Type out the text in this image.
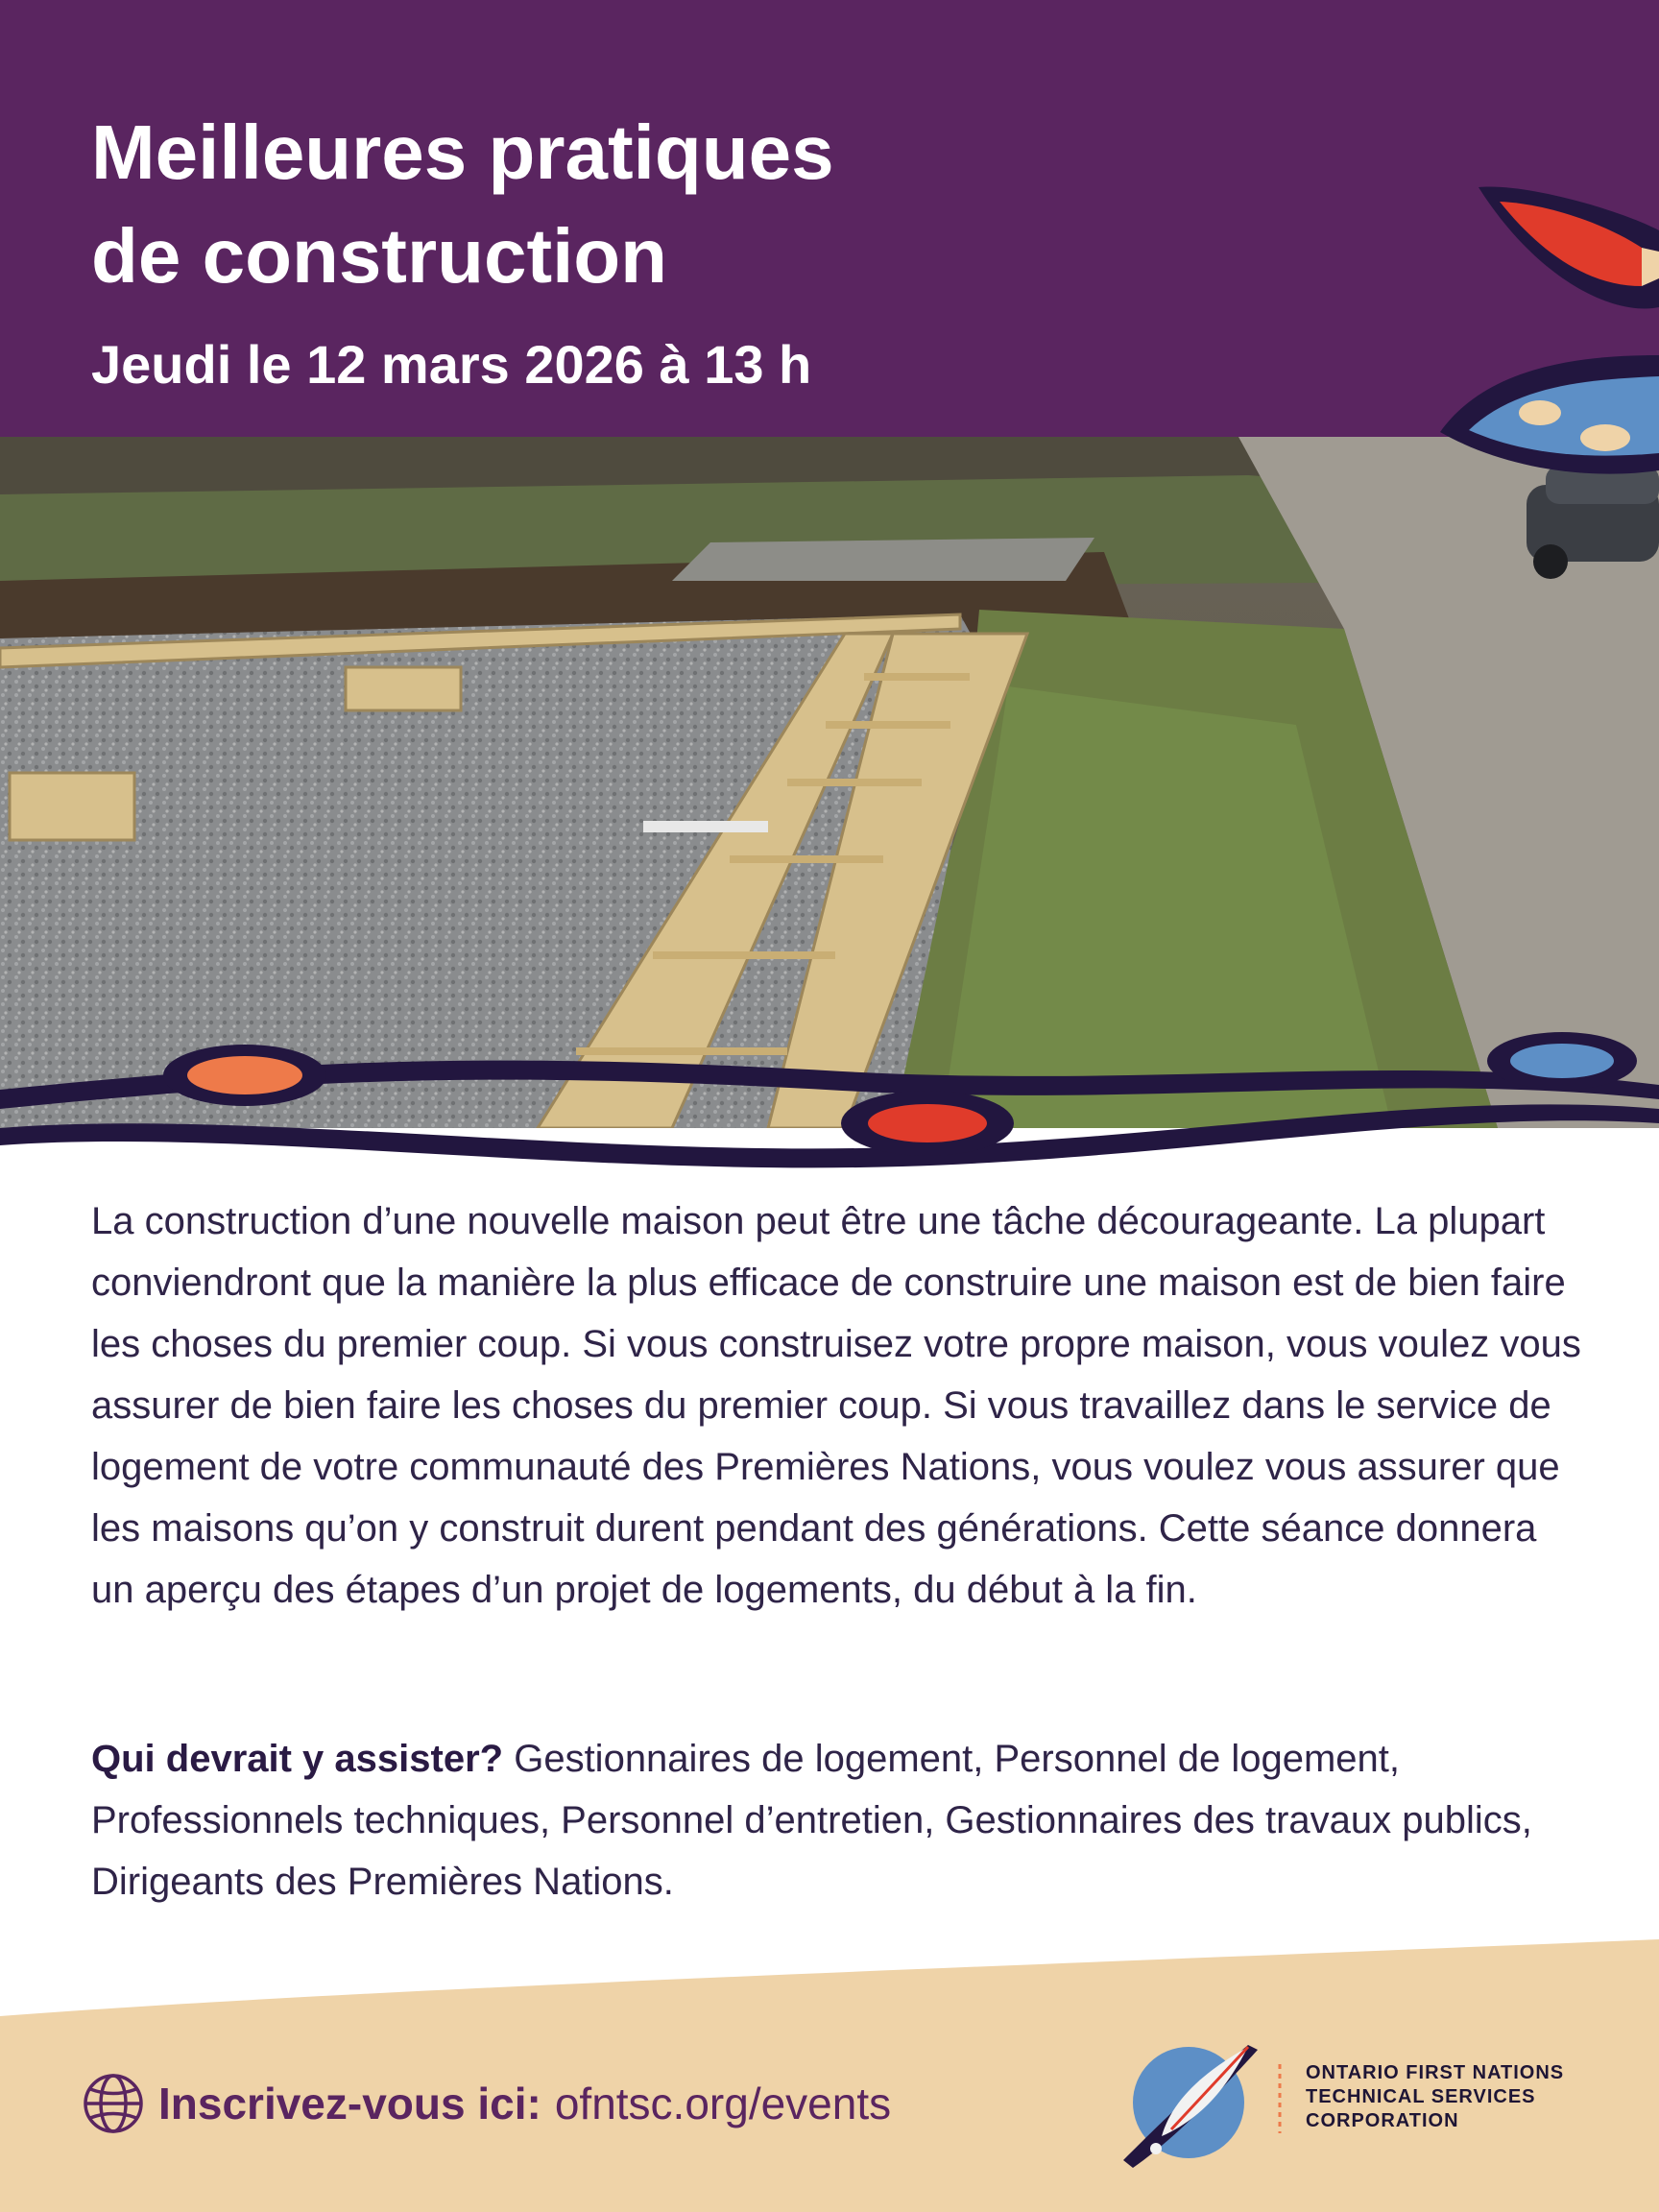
Meilleures pratiques
de construction

Jeudi le 12 mars 2026 à 13 h

La construction d’une nouvelle maison peut être une tâche décourageante. La plupart conviendront que la manière la plus efficace de construire une maison est de bien faire les choses du premier coup. Si vous construisez votre propre maison, vous voulez vous assurer de bien faire les choses du premier coup. Si vous travaillez dans le service de logement de votre communauté des Premières Nations, vous voulez vous assurer que les maisons qu’on y construit durent pendant des générations. Cette séance donnera un aperçu des étapes d’un projet de logements, du début à la fin.

Qui devrait y assister? Gestionnaires de logement, Personnel de logement, Professionnels techniques, Personnel d’entretien, Gestionnaires des travaux publics, Dirigeants des Premières Nations.

Inscrivez-vous ici: ofntsc.org/events
ONTARIO FIRST NATIONS
TECHNICAL SERVICES
CORPORATION
